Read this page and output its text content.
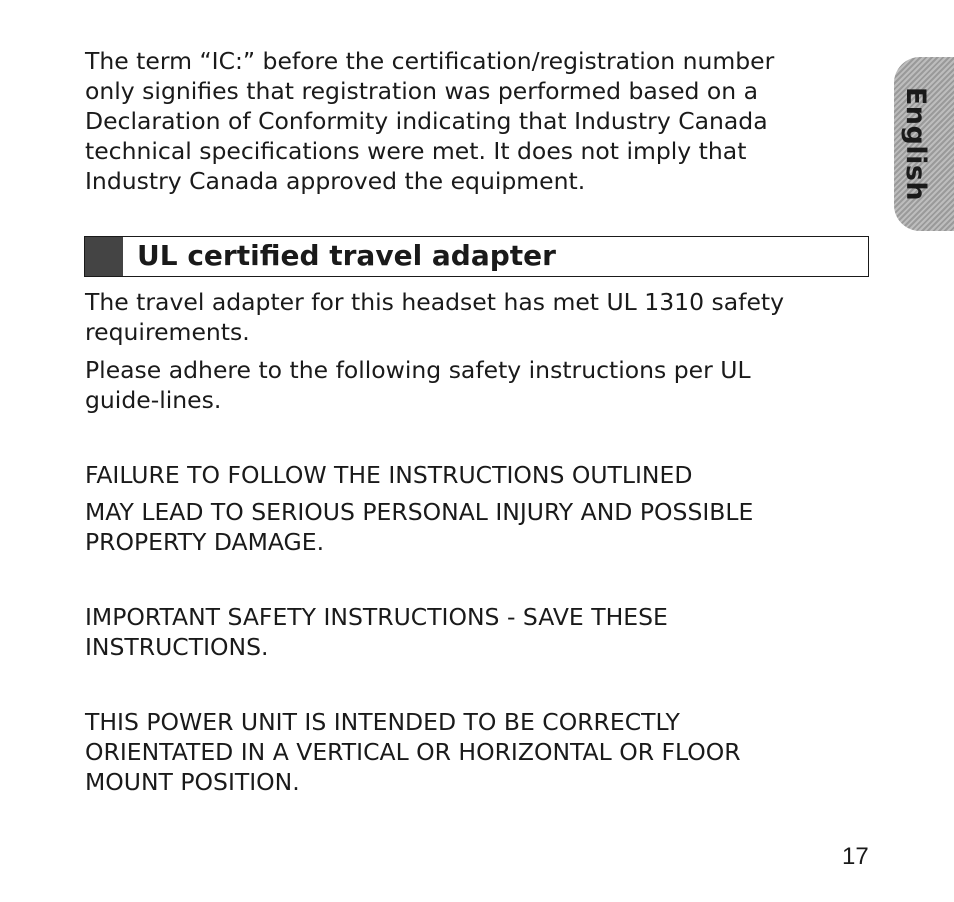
The term “IC:” before the certification/registration number
only signifies that registration was performed based on a
Declaration of Conformity indicating that Industry Canada
technical specifications were met. It does not imply that
Industry Canada approved the equipment.

UL certified travel adapter

The travel adapter for this headset has met UL 1310 safety
requirements.

Please adhere to the following safety instructions per UL
guide-lines.

FAILURE TO FOLLOW THE INSTRUCTIONS OUTLINED

MAY LEAD TO SERIOUS PERSONAL INJURY AND POSSIBLE
PROPERTY DAMAGE.

IMPORTANT SAFETY INSTRUCTIONS - SAVE THESE
INSTRUCTIONS.

THIS POWER UNIT IS INTENDED TO BE CORRECTLY
ORIENTATED IN A VERTICAL OR HORIZONTAL OR FLOOR
MOUNT POSITION.

English
17
